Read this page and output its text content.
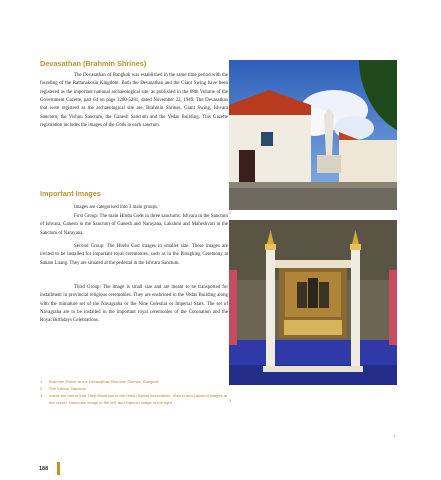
Devasathan (Brahmin Shrines)

The Devasathan of Bangkok was established in the same time period with the founding of the Rattanakosin Kingdom. Both the Devasathan and the Giant Swing have been registered as the important national archaeological site, as published in the 68th Volume of the Government Gazette, part 64 on page 3280-5281, dated November 22, 1949. The Devasathan that were registerd as the archaeological site are, Brahmin Shrines, Giant Swing, Ishvara Sanctum, the Vishnu Sanctum, the Ganesh Sanctum and the Vedas Building. This Gazette registration includes the images of the Gods in each sanctum.

Important Images

Images are categorised into 3 main groups.

First Group: The main Hindu Gods in three sanctums: Ishvara in the Sanctum of Ishvara, Ganesh in the Sanctum of Ganesh and Narayana, Lakshmi and Maheshvari in the Sanctum of Narayana.

Second Group: The Hindu God images in smaller size. These images are invited to be installed for important royal ceremonies, such as in the Ploughing Ceremony at Sanam Luang. They are situated at the pedestal in the Ishvara Sanctum.

Third Group: The image is small size and are meant to be transported for installment in provincial religious ceremonies. They are enshrined in the Vedas Building along with the miniature set of the Navagraha or the Nine Celestial or Imperial Stars. The set of Navagraha are to be installed in the important royal ceremonies of the Coronation and the Royal Birthdays Celebrations.

1	Brahmin Shrine at the Devasathan Brahmin Shrines, Bangkok
2	The Vishnu Sanctum
3	Inside the hall of Wat Thep Monthian of the Hindu Samaj Association. Vishnu and Lakshmi images at the center, Hanuman image to the left, and Ganesh image to the right
188
2
3
1
